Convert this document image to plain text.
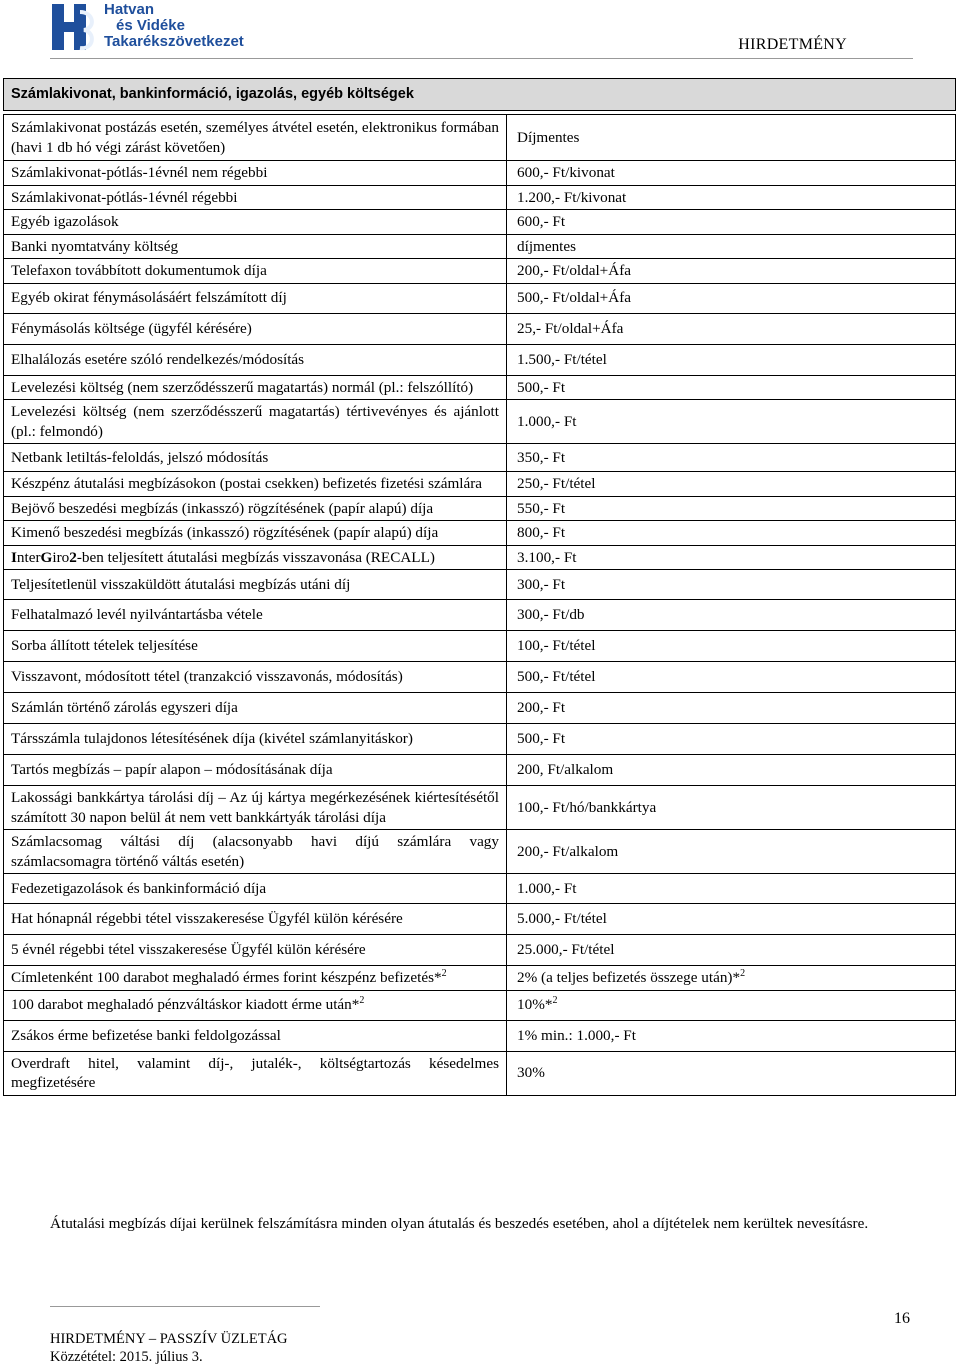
Hatvan
és Vidéke
Takarékszövetkezet	HIRDETMÉNY
Számlakivonat, bankinformáció, igazolás, egyéb költségek	

Számlakivonat postázás esetén, személyes átvétel esetén, elektronikus formában (havi 1 db hó végi zárást követően)	Díjmentes
Számlakivonat-pótlás-1évnél nem régebbi	600,- Ft/kivonat
Számlakivonat-pótlás-1évnél régebbi	1.200,- Ft/kivonat
Egyéb igazolások	600,- Ft
Banki nyomtatvány költség	díjmentes
Telefaxon továbbított dokumentumok díja	200,- Ft/oldal+Áfa
Egyéb okirat fénymásolásáért felszámított díj	500,- Ft/oldal+Áfa
Fénymásolás költsége (ügyfél kérésére)	25,- Ft/oldal+Áfa
Elhalálozás esetére szóló rendelkezés/módosítás	1.500,- Ft/tétel
Levelezési költség (nem szerződésszerű magatartás) normál (pl.: felszóllító)	500,- Ft
Levelezési költség (nem szerződésszerű magatartás) tértivevényes és ajánlott (pl.: felmondó)	1.000,- Ft
Netbank letiltás-feloldás, jelszó módosítás	350,- Ft
Készpénz átutalási megbízásokon (postai csekken) befizetés fizetési számlára	250,- Ft/tétel
Bejövő beszedési megbízás (inkasszó) rögzítésének (papír alapú) díja	550,- Ft
Kimenő beszedési megbízás (inkasszó) rögzítésének (papír alapú) díja	800,- Ft
InterGiro2-ben teljesített átutalási megbízás visszavonása (RECALL)	3.100,- Ft
Teljesítetlenül visszaküldött átutalási megbízás utáni díj	300,- Ft
Felhatalmazó levél nyilvántartásba vétele	300,- Ft/db
Sorba állított tételek teljesítése	100,- Ft/tétel
Visszavont, módosított tétel (tranzakció visszavonás, módosítás)	500,- Ft/tétel
Számlán történő zárolás egyszeri díja	200,- Ft
Társszámla tulajdonos létesítésének díja (kivétel számlanyitáskor)	500,- Ft
Tartós megbízás – papír alapon – módosításának díja	200, Ft/alkalom
Lakossági bankkártya tárolási díj – Az új kártya megérkezésének kiértesítésétől számított 30 napon belül át nem vett bankkártyák tárolási díja	100,- Ft/hó/bankkártya
Számlacsomag váltási díj (alacsonyabb havi díjú számlára vagy számlacsomagra történő váltás esetén)	200,- Ft/alkalom
Fedezetigazolások és bankinformáció díja	1.000,- Ft
Hat hónapnál régebbi tétel visszakeresése Ügyfél külön kérésére	5.000,- Ft/tétel
5 évnél régebbi tétel visszakeresése Ügyfél külön kérésére	25.000,- Ft/tétel
Címletenként 100 darabot meghaladó érmes forint készpénz befizetés*$^2$	2% (a teljes befizetés összege után)*$^2$
100 darabot meghaladó pénzváltáskor kiadott érme után*$^2$	10%*$^2$
Zsákos érme befizetése banki feldolgozással	1% min.: 1.000,- Ft
Overdraft hitel, valamint díj-, jutalék-, költségtartozás késedelmes megfizetésére	30%
Átutalási megbízás díjai kerülnek felszámításra minden olyan átutalás és beszedés esetében, ahol a díjtételek nem kerültek nevesításre.
16
HIRDETMÉNY – PASSZÍV ÜZLETÁG
Közzététel: 2015. július 3.
